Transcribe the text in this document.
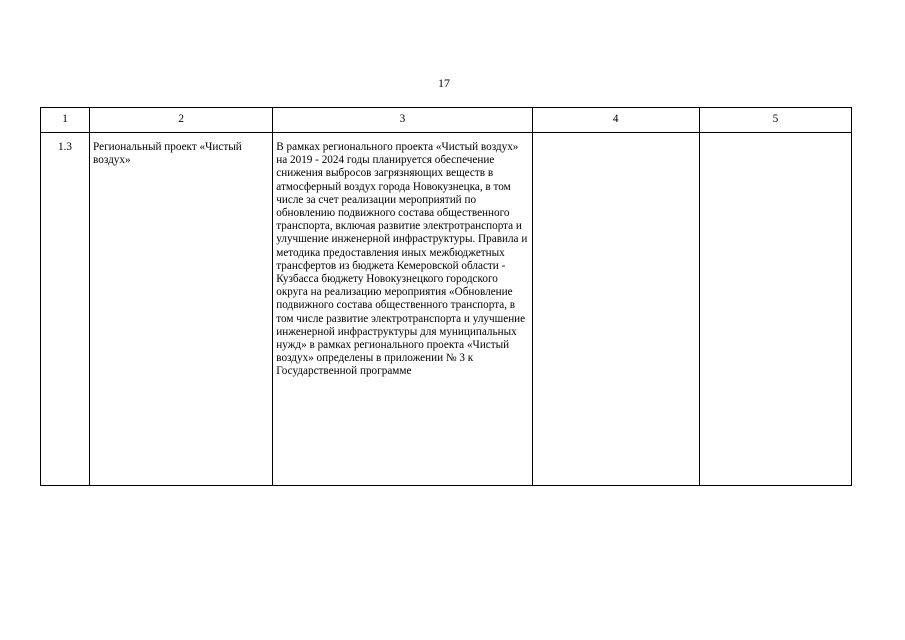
17
1	2	3	4	5
1.3	Региональный проект «Чистый воздух»	В рамках регионального проекта «Чистый воздух» на 2019 - 2024 годы планируется обеспечение снижения выбросов загрязняющих веществ в атмосферный воздух города Новокузнецка, в том числе за счет реализации мероприятий по обновлению подвижного состава общественного транспорта, включая развитие электротранспорта и улучшение инженерной инфраструктуры. Правила и методика предоставления иных межбюджетных трансфертов из бюджета Кемеровской области - Кузбасса бюджету Новокузнецкого городского округа на реализацию мероприятия «Обновление подвижного состава общественного транспорта, в том числе развитие электротранспорта и улучшение инженерной инфраструктуры для муниципальных нужд» в рамках регионального проекта «Чистый воздух» определены в приложении № 3 к Государственной программе		
